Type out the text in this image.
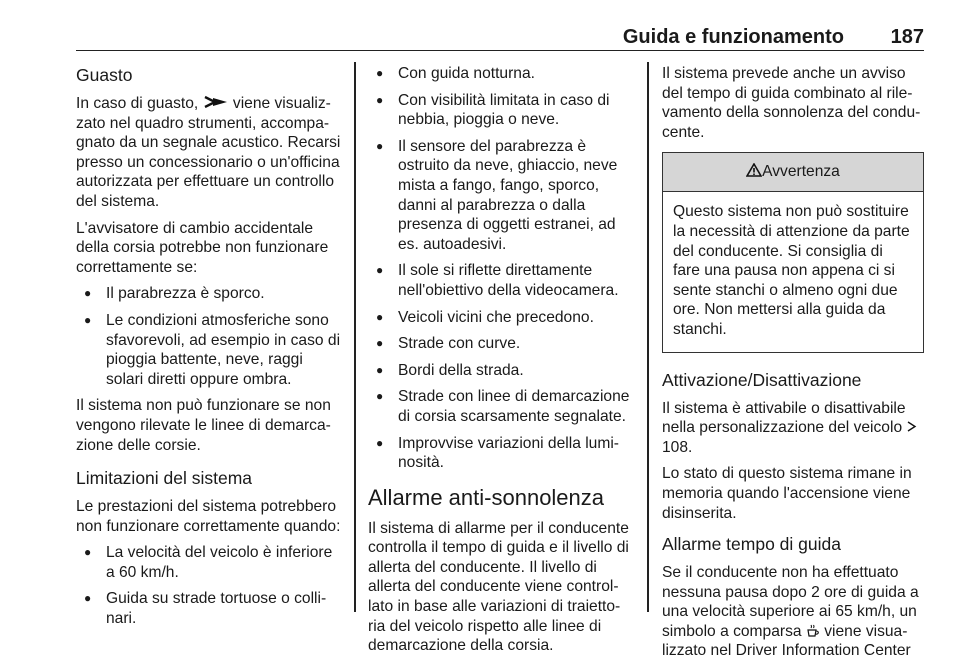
Guida e funzionamento 187
Guasto

In caso di guasto,  viene visualiz-zato nel quadro strumenti, accompa-gnato da un segnale acustico. Recarsi presso un concessionario o un'officina autorizzata per effettuare un controllo del sistema.

L'avvisatore di cambio accidentale della corsia potrebbe non funzionare correttamente se:

● Il parabrezza è sporco.
● Le condizioni atmosferiche sono sfavorevoli, ad esempio in caso di pioggia battente, neve, raggi solari diretti oppure ombra.

Il sistema non può funzionare se non vengono rilevate le linee di demarca-zione delle corsie.

Limitazioni del sistema

Le prestazioni del sistema potrebbero non funzionare correttamente quando:

● La velocità del veicolo è inferiore a 60 km/h.
● Guida su strade tortuose o colli-nari.
● Con guida notturna.
● Con visibilità limitata in caso di nebbia, pioggia o neve.
● Il sensore del parabrezza è ostruito da neve, ghiaccio, neve mista a fango, fango, sporco, danni al parabrezza o dalla presenza di oggetti estranei, ad es. autoadesivi.
● Il sole si riflette direttamente nell'obiettivo della videocamera.
● Veicoli vicini che precedono.
● Strade con curve.
● Bordi della strada.
● Strade con linee di demarcazione di corsia scarsamente segnalate.
● Improvvise variazioni della lumi-nosità.
Allarme anti-sonnolenza

Il sistema di allarme per il conducente controlla il tempo di guida e il livello di allerta del conducente. Il livello di allerta del conducente viene control-lato in base alle variazioni di traietto-ria del veicolo rispetto alle linee di demarcazione della corsia.

Il sistema prevede anche un avviso del tempo di guida combinato al rile-vamento della sonnolenza del condu-cente.

Avvertenza
Questo sistema non può sostituire la necessità di attenzione da parte del conducente. Si consiglia di fare una pausa non appena ci si sente stanchi o almeno ogni due ore. Non mettersi alla guida da stanchi.
Attivazione/Disattivazione

Il sistema è attivabile o disattivabile nella personalizzazione del veicolo  108.

Lo stato di questo sistema rimane in memoria quando l'accensione viene disinserita.

Allarme tempo di guida

Se il conducente non ha effettuato nessuna pausa dopo 2 ore di guida a una velocità superiore ai 65 km/h, un simbolo a comparsa  viene visua-lizzato nel Driver Information Center
